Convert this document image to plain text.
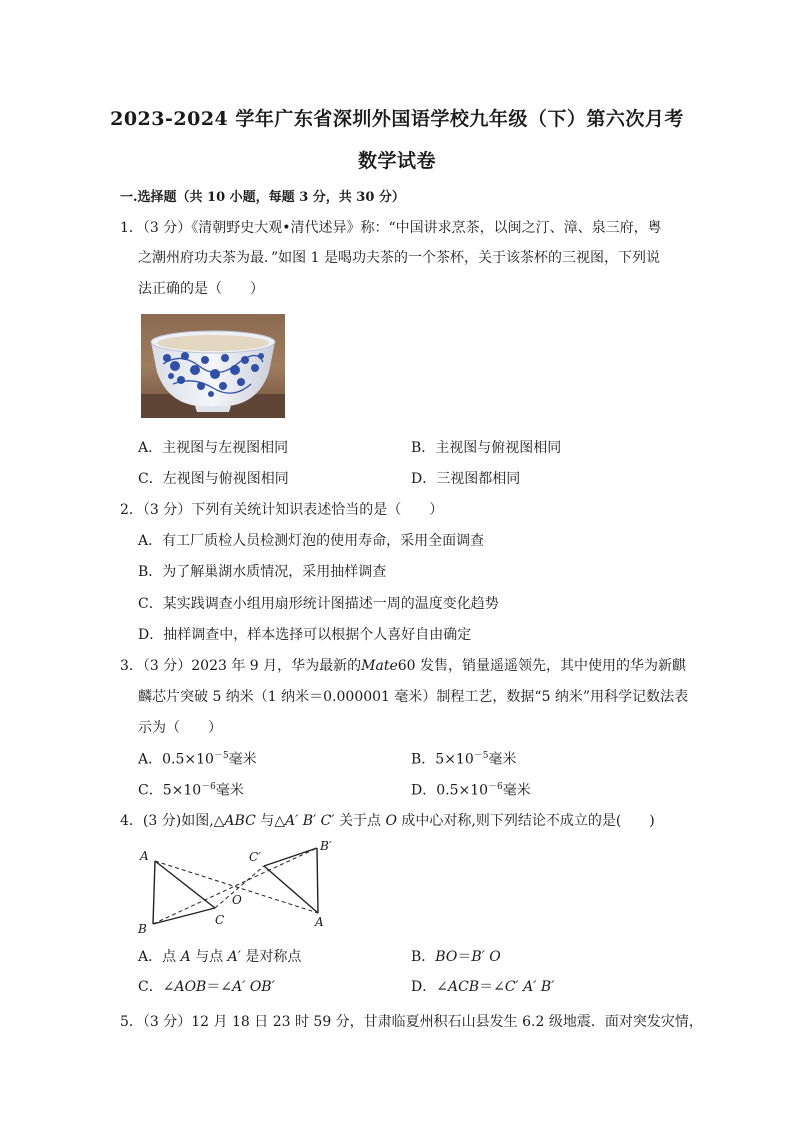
2023-2024 学年广东省深圳外国语学校九年级（下）第六次月考
数学试卷
一.选择题（共 10 小题，每题 3 分，共 30 分）
1．（3 分）《清朝野史大观•清代述异》称：“中国讲求烹茶，以闽之汀、漳、泉三府，粤
之潮州府功夫茶为最．”如图 1 是喝功夫茶的一个茶杯，关于该茶杯的三视图，下列说
法正确的是（　　）
A．主视图与左视图相同	B．主视图与俯视图相同
C．左视图与俯视图相同	D．三视图都相同
2．（3 分）下列有关统计知识表述恰当的是（　　）
A．有工厂质检人员检测灯泡的使用寿命，采用全面调查
B．为了解巢湖水质情况，采用抽样调查
C．某实践调查小组用扇形统计图描述一周的温度变化趋势
D．抽样调查中，样本选择可以根据个人喜好自由确定
3．（3 分）2023 年 9 月，华为最新的Mate60 发售，销量遥遥领先，其中使用的华为新麒
麟芯片突破 5 纳米（1 纳米＝0.000001 毫米）制程工艺，数据“5 纳米”用科学记数法表
示为（　　）
A．$0.5\times 10^{-5}$毫米	B．$5\times 10^{-5}$毫米
C．$5\times 10^{-6}$毫米	D．$0.5\times 10^{-6}$毫米
4．(3 分)如图,△ABC 与△A′ B′ C′ 关于点 O 成中心对称,则下列结论不成立的是(　　)
A
B
C
O
A
B′
C′
A．点 A 与点 A′ 是对称点	B．BO＝B′ O
C．∠AOB＝∠A′ OB′	D．∠ACB＝∠C′ A′ B′
5．（3 分）12 月 18 日 23 时 59 分，甘肃临夏州积石山县发生 6.2 级地震．面对突发灾情，
